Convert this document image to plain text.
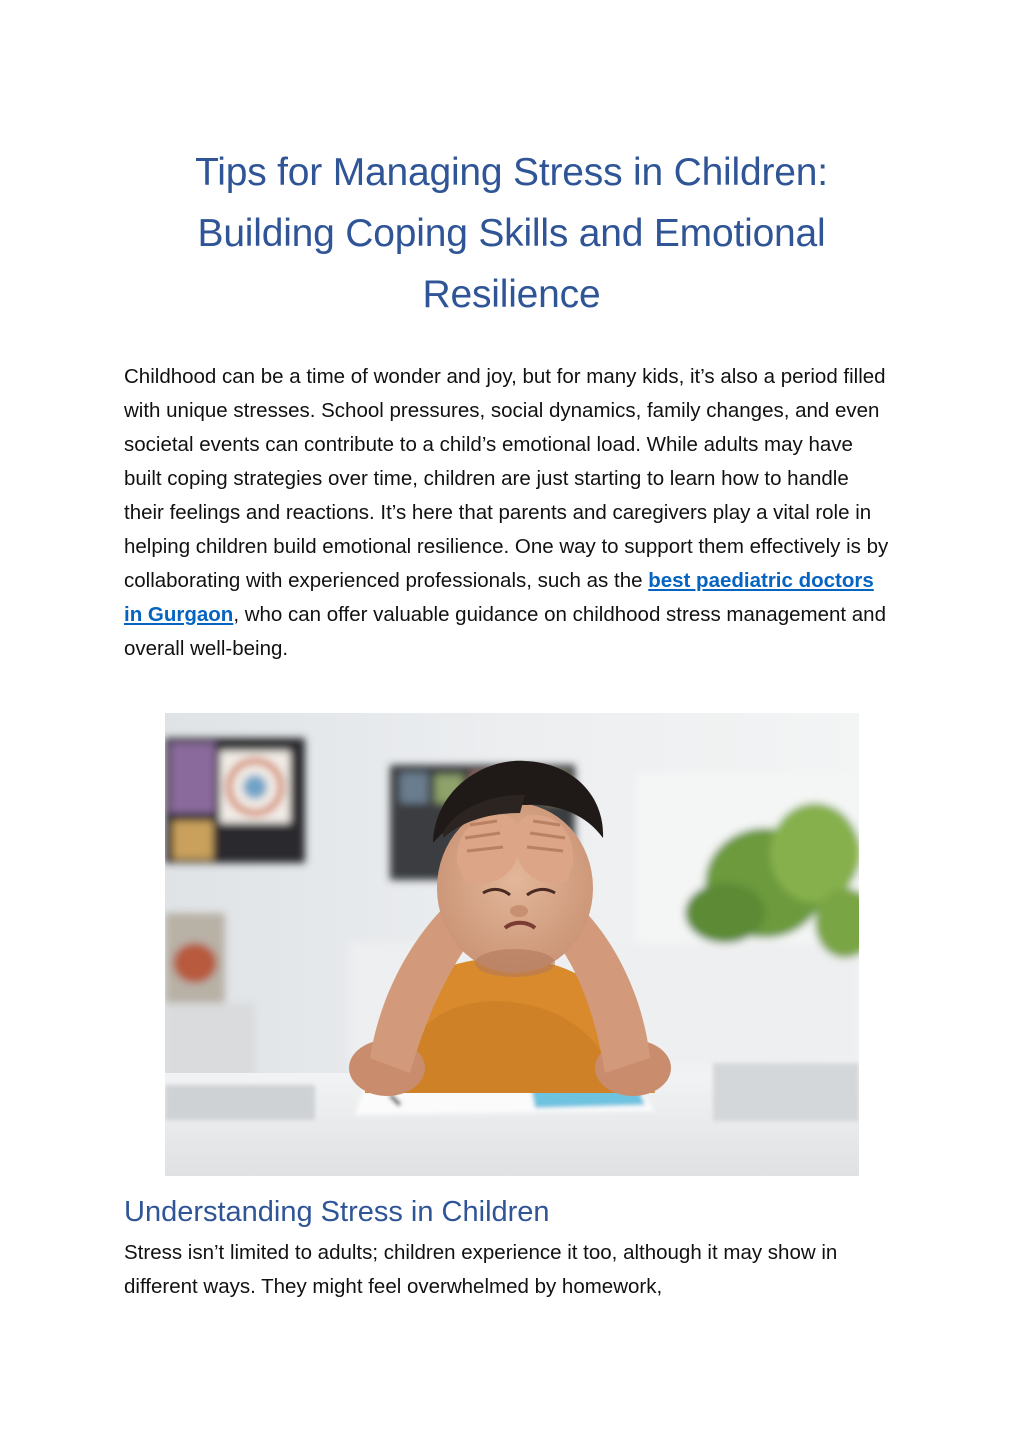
Tips for Managing Stress in Children: Building Coping Skills and Emotional Resilience

Childhood can be a time of wonder and joy, but for many kids, it’s also a period filled with unique stresses. School pressures, social dynamics, family changes, and even societal events can contribute to a child’s emotional load. While adults may have built coping strategies over time, children are just starting to learn how to handle their feelings and reactions. It’s here that parents and caregivers play a vital role in helping children build emotional resilience. One way to support them effectively is by collaborating with experienced professionals, such as the best paediatric doctors in Gurgaon, who can offer valuable guidance on childhood stress management and overall well-being.

Understanding Stress in Children

Stress isn’t limited to adults; children experience it too, although it may show in different ways. They might feel overwhelmed by homework,
